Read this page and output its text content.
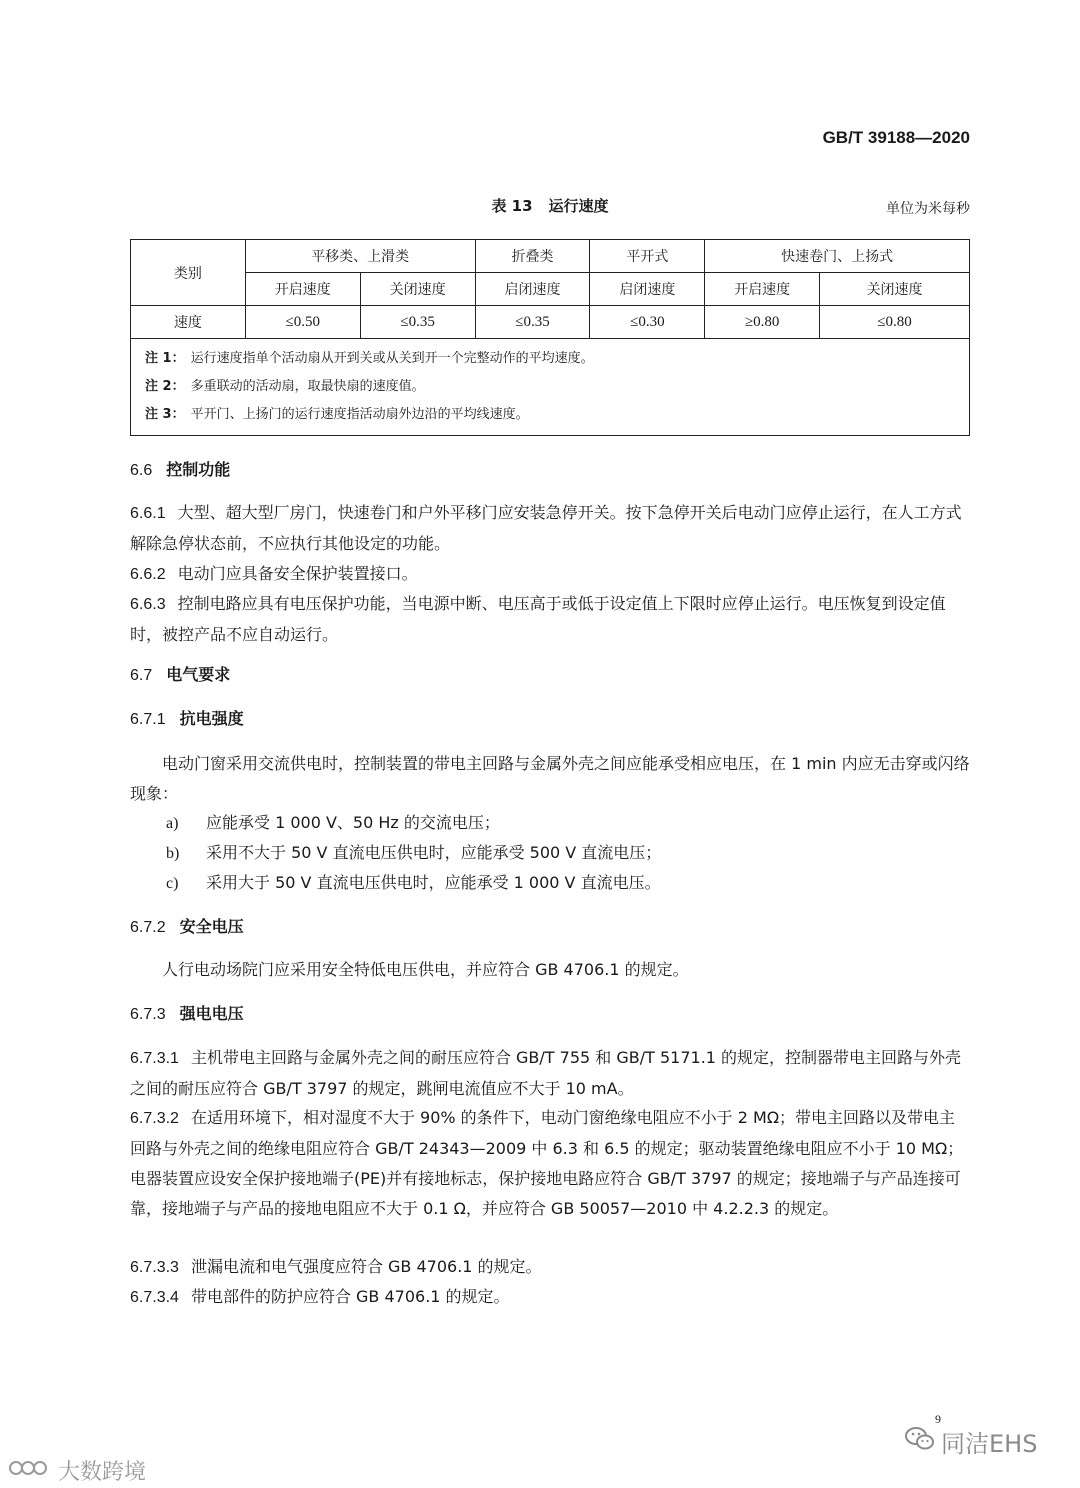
GB/T 39188—2020
表 13 运行速度	单位为米每秒
类别	平移类、上滑类		折叠类	平开式	快速卷门、上扬式	
	开启速度	关闭速度	启闭速度	启闭速度	开启速度	关闭速度
速度	≤0.50	≤0.35	≤0.35	≤0.30	≥0.80	≤0.80

注 1： 运行速度指单个活动扇从开到关或从关到开一个完整动作的平均速度。
注 2： 多重联动的活动扇，取最快扇的速度值。
注 3： 平开门、上扬门的运行速度指活动扇外边沿的平均线速度。						
6.6 控制功能
6.6.1 大型、超大型厂房门，快速卷门和户外平移门应安装急停开关。按下急停开关后电动门应停止运行，在人工方式解除急停状态前，不应执行其他设定的功能。
6.6.2 电动门应具备安全保护装置接口。
6.6.3 控制电路应具有电压保护功能，当电源中断、电压高于或低于设定值上下限时应停止运行。电压恢复到设定值时，被控产品不应自动运行。
6.7 电气要求
6.7.1 抗电强度
电动门窗采用交流供电时，控制装置的带电主回路与金属外壳之间应能承受相应电压，在 1 min 内应无击穿或闪络现象：
a) 应能承受 1 000 V、50 Hz 的交流电压；
b) 采用不大于 50 V 直流电压供电时，应能承受 500 V 直流电压；
c) 采用大于 50 V 直流电压供电时，应能承受 1 000 V 直流电压。
6.7.2 安全电压
人行电动场院门应采用安全特低电压供电，并应符合 GB 4706.1 的规定。
6.7.3 强电电压
6.7.3.1 主机带电主回路与金属外壳之间的耐压应符合 GB/T 755 和 GB/T 5171.1 的规定，控制器带电主回路与外壳之间的耐压应符合 GB/T 3797 的规定，跳闸电流值应不大于 10 mA。
6.7.3.2 在适用环境下，相对湿度不大于 90% 的条件下，电动门窗绝缘电阻应不小于 2 MΩ；带电主回路以及带电主回路与外壳之间的绝缘电阻应符合 GB/T 24343—2009 中 6.3 和 6.5 的规定；驱动装置绝缘电阻应不小于 10 MΩ；电器装置应设安全保护接地端子(PE)并有接地标志，保护接地电路应符合 GB/T 3797 的规定；接地端子与产品连接可靠，接地端子与产品的接地电阻应不大于 0.1 Ω，并应符合 GB 50057—2010 中 4.2.2.3 的规定。
6.7.3.3 泄漏电流和电气强度应符合 GB 4706.1 的规定。
6.7.3.4 带电部件的防护应符合 GB 4706.1 的规定。
9
同洁EHS
大数跨境
